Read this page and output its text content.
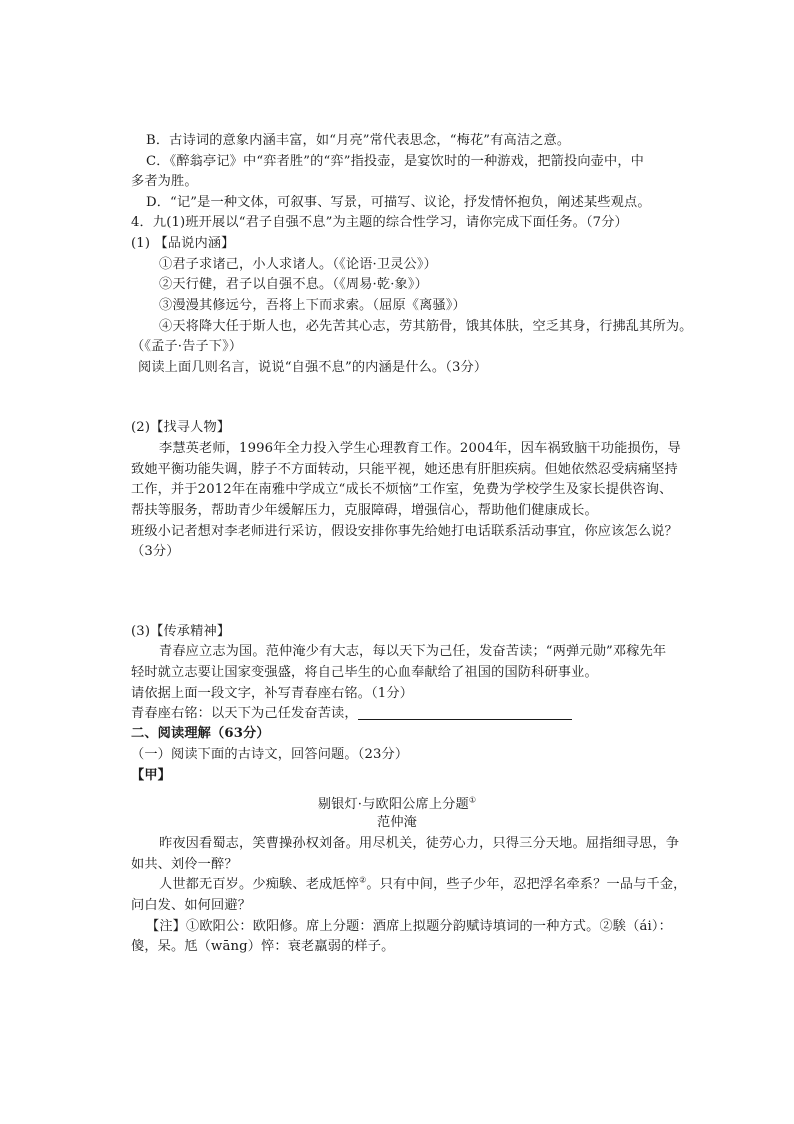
B．古诗词的意象内涵丰富，如“月亮”常代表思念，“梅花”有高洁之意。
C．《醉翁亭记》中“弈者胜”的“弈”指投壶，是宴饮时的一种游戏，把箭投向壶中，中
多者为胜。
D．“记”是一种文体，可叙事、写景，可描写、议论，抒发情怀抱负，阐述某些观点。
4．九(1)班开展以“君子自强不息”为主题的综合性学习，请你完成下面任务。（7分）
(1) 【品说内涵】
①君子求诸己，小人求诸人。（《论语·卫灵公》）
②天行健，君子以自强不息。（《周易·乾·象》）
③漫漫其修远兮，吾将上下而求索。（屈原《离骚》）
④天将降大任于斯人也，必先苦其心志，劳其筋骨，饿其体肤，空乏其身，行拂乱其所为。
（《孟子·告子下》）
阅读上面几则名言，说说“自强不息”的内涵是什么。（3分）
(2)【找寻人物】
李慧英老师，1996年全力投入学生心理教育工作。2004年，因车祸致脑干功能损伤，导
致她平衡功能失调，脖子不方面转动，只能平视，她还患有肝胆疾病。但她依然忍受病痛坚持
工作，并于2012年在南雅中学成立“成长不烦恼”工作室，免费为学校学生及家长提供咨询、
帮扶等服务，帮助青少年缓解压力，克服障碍，增强信心，帮助他们健康成长。
班级小记者想对李老师进行采访，假设安排你事先给她打电话联系活动事宜，你应该怎么说？
（3分）
(3)【传承精神】
青春应立志为国。范仲淹少有大志，每以天下为己任，发奋苦读；“两弹元勋”邓稼先年
轻时就立志要让国家变强盛，将自己毕生的心血奉献给了祖国的国防科研事业。
请依据上面一段文字，补写青春座右铭。（1分）
青春座右铭：以天下为己任发奋苦读，
二、阅读理解（63分）
（一）阅读下面的古诗文，回答问题。（23分）
【甲】
剔银灯·与欧阳公席上分题①
范仲淹
昨夜因看蜀志，笑曹操孙权刘备。用尽机关，徒劳心力，只得三分天地。屈指细寻思，争
如共、刘伶一醉？
人世都无百岁。少痴騃、老成尪悴②。只有中间，些子少年，忍把浮名牵系？一品与千金，
问白发、如何回避？
【注】①欧阳公：欧阳修。席上分题：酒席上拟题分韵赋诗填词的一种方式。②騃（ái）：
傻，呆。尪（wāng）悴：衰老羸弱的样子。
